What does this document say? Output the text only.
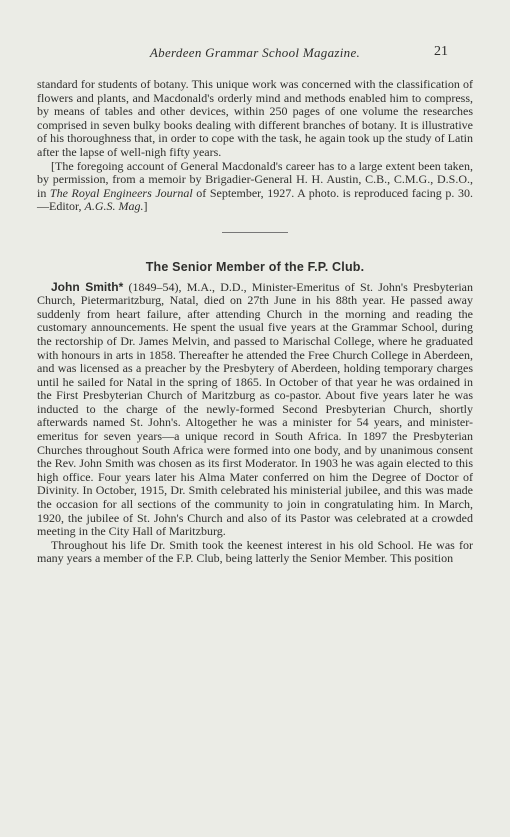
Aberdeen Grammar School Magazine.	21

standard for students of botany. This unique work was concerned with the classification of flowers and plants, and Macdonald's orderly mind and methods enabled him to compress, by means of tables and other devices, within 250 pages of one volume the researches comprised in seven bulky books dealing with different branches of botany. It is illustrative of his thoroughness that, in order to cope with the task, he again took up the study of Latin after the lapse of well-nigh fifty years.

[The foregoing account of General Macdonald's career has to a large extent been taken, by permission, from a memoir by Brigadier-General H. H. Austin, C.B., C.M.G., D.S.O., in The Royal Engineers Journal of September, 1927. A photo. is reproduced facing p. 30.—Editor, A.G.S. Mag.]

The Senior Member of the F.P. Club.

John Smith* (1849–54), M.A., D.D., Minister-Emeritus of St. John's Presbyterian Church, Pietermaritzburg, Natal, died on 27th June in his 88th year. He passed away suddenly from heart failure, after attending Church in the morning and reading the customary announcements. He spent the usual five years at the Grammar School, during the rectorship of Dr. James Melvin, and passed to Marischal College, where he graduated with honours in arts in 1858. Thereafter he attended the Free Church College in Aberdeen, and was licensed as a preacher by the Presbytery of Aberdeen, holding temporary charges until he sailed for Natal in the spring of 1865. In October of that year he was ordained in the First Presbyterian Church of Maritzburg as co-pastor. About five years later he was inducted to the charge of the newly-formed Second Presbyterian Church, shortly afterwards named St. John's. Altogether he was a minister for 54 years, and minister-emeritus for seven years—a unique record in South Africa. In 1897 the Presbyterian Churches throughout South Africa were formed into one body, and by unanimous consent the Rev. John Smith was chosen as its first Moderator. In 1903 he was again elected to this high office. Four years later his Alma Mater conferred on him the Degree of Doctor of Divinity. In October, 1915, Dr. Smith celebrated his ministerial jubilee, and this was made the occasion for all sections of the community to join in congratulating him. In March, 1920, the jubilee of St. John's Church and also of its Pastor was celebrated at a crowded meeting in the City Hall of Maritzburg.

Throughout his life Dr. Smith took the keenest interest in his old School. He was for many years a member of the F.P. Club, being latterly the Senior Member. This position
